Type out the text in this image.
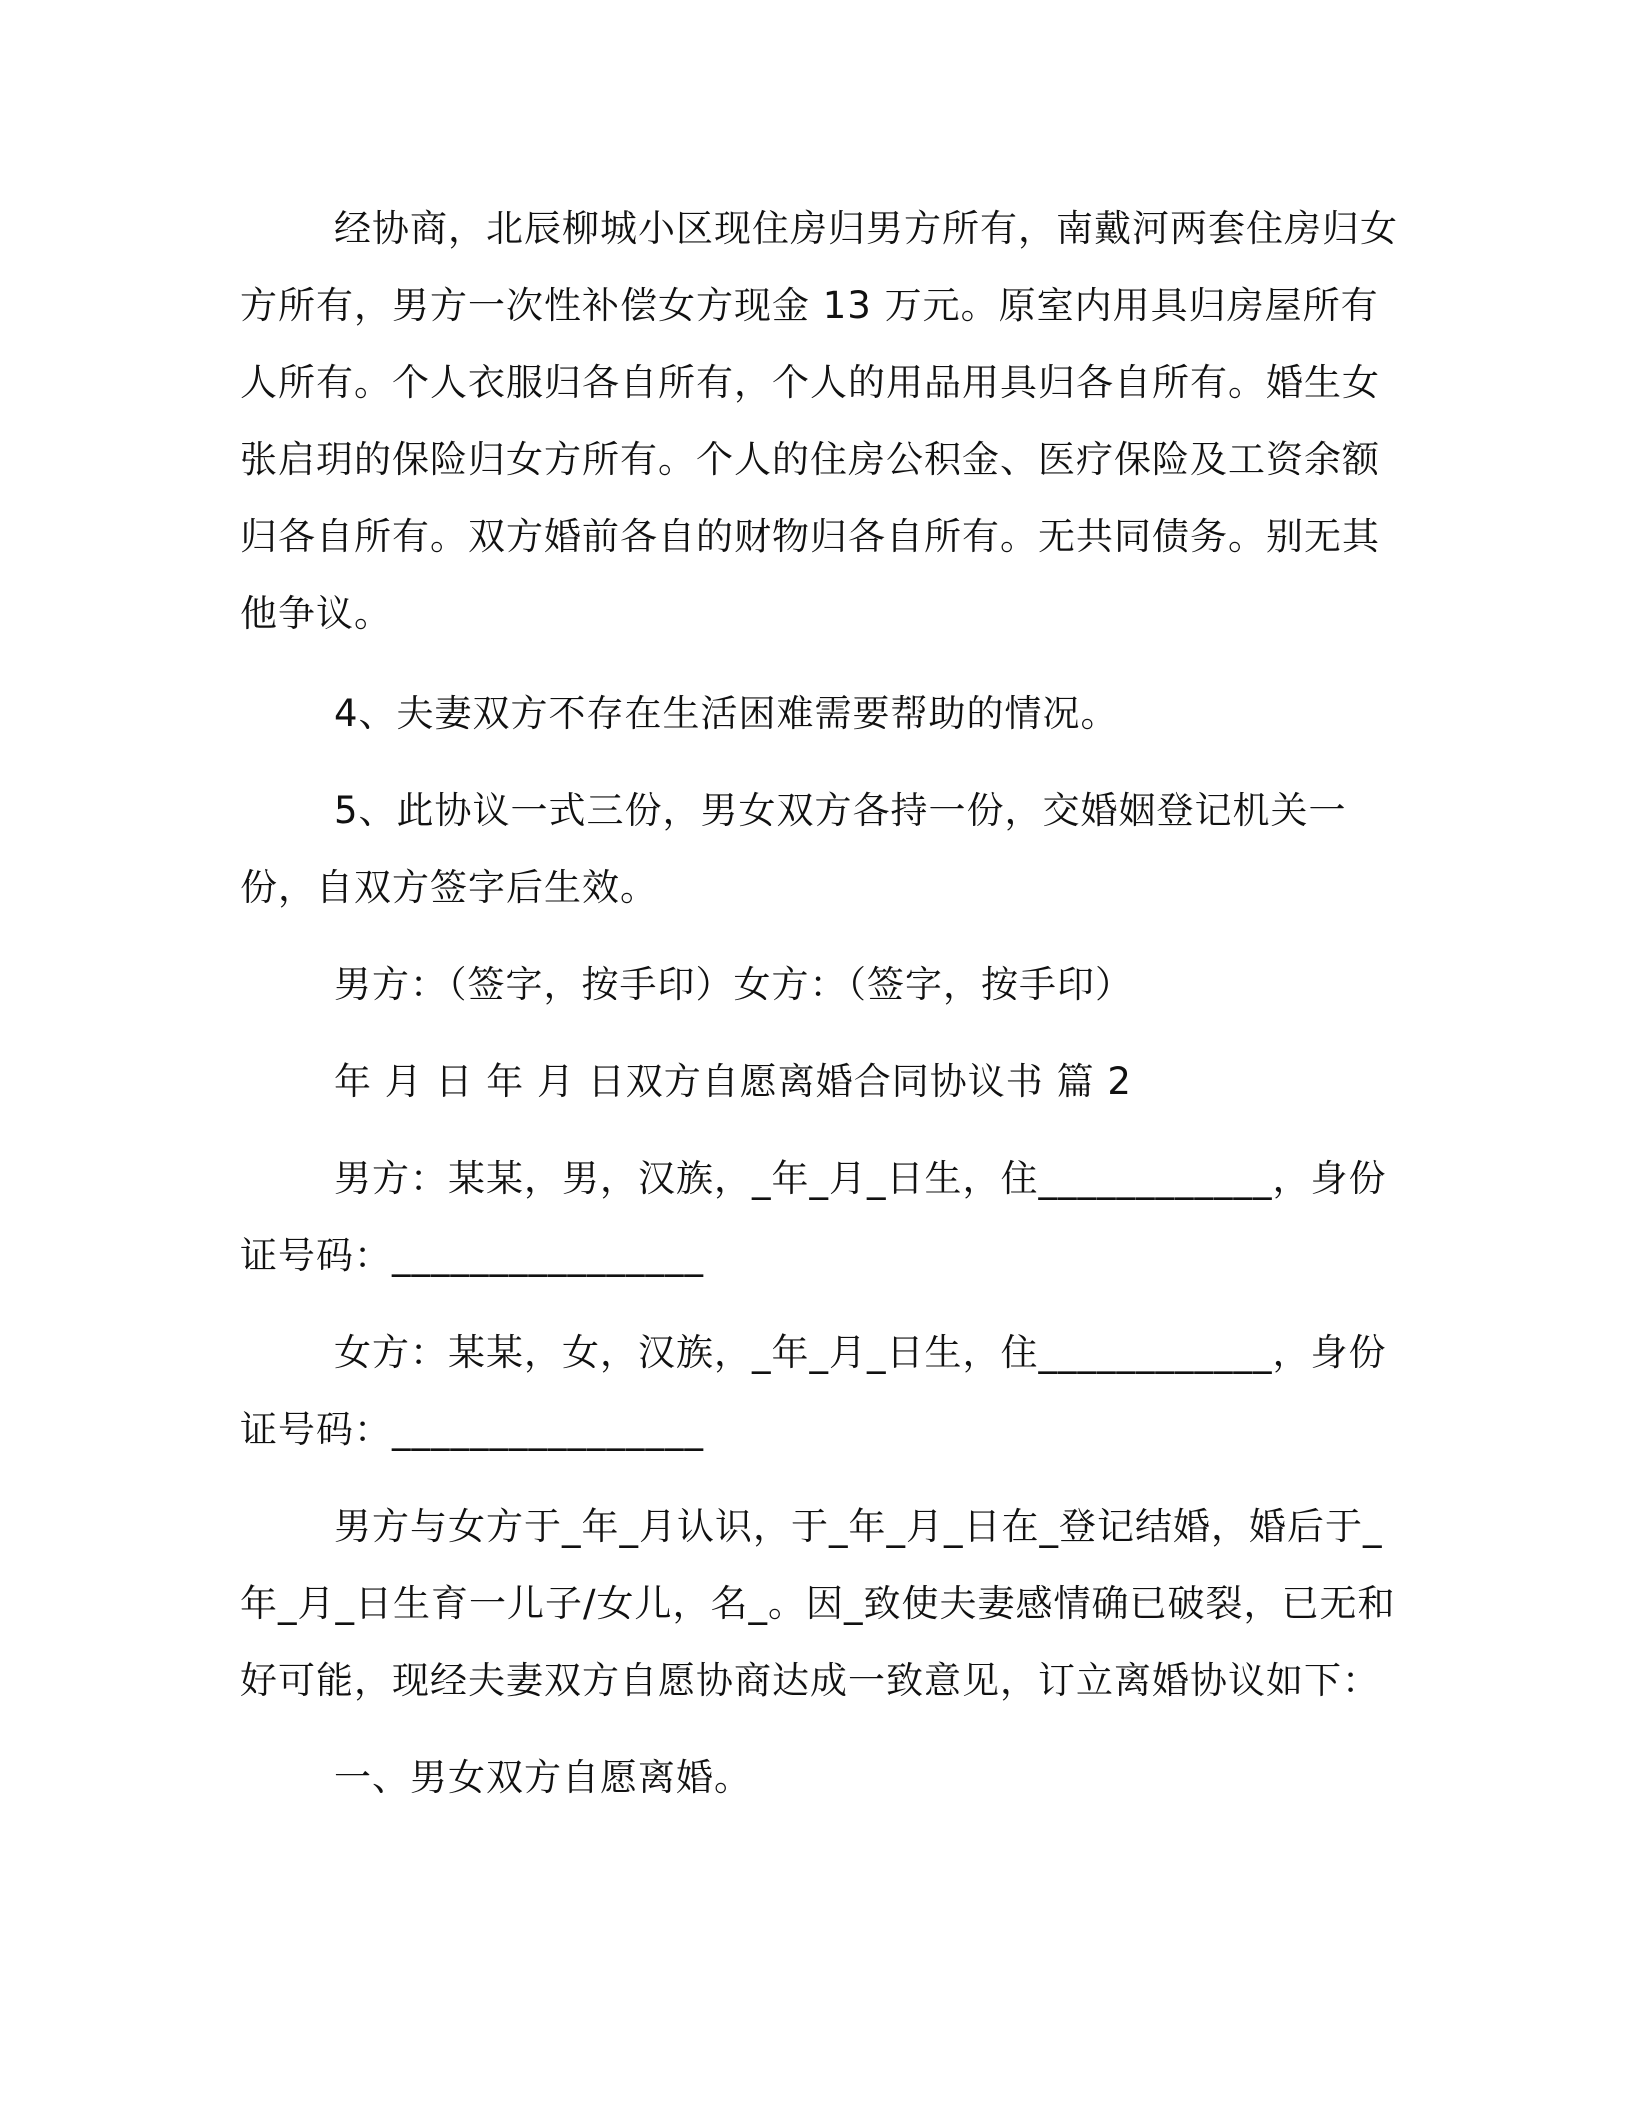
经协商，北辰柳城小区现住房归男方所有，南戴河两套住房归女方所有，男方一次性补偿女方现金 13 万元。原室内用具归房屋所有人所有。个人衣服归各自所有，个人的用品用具归各自所有。婚生女张启玥的保险归女方所有。个人的住房公积金、医疗保险及工资余额归各自所有。双方婚前各自的财物归各自所有。无共同债务。别无其他争议。

4、夫妻双方不存在生活困难需要帮助的情况。

5、此协议一式三份，男女双方各持一份，交婚姻登记机关一份，自双方签字后生效。

男方：（签字，按手印）女方：（签字，按手印）

年 月 日 年 月 日双方自愿离婚合同协议书 篇 2

男方：某某，男，汉族，_年_月_日生，住____________，身份证号码：________________

女方：某某，女，汉族，_年_月_日生，住____________，身份证号码：________________

男方与女方于_年_月认识，于_年_月_日在_登记结婚，婚后于_年_月_日生育一儿子/女儿，名_。因_致使夫妻感情确已破裂，已无和好可能，现经夫妻双方自愿协商达成一致意见，订立离婚协议如下：

一、男女双方自愿离婚。
